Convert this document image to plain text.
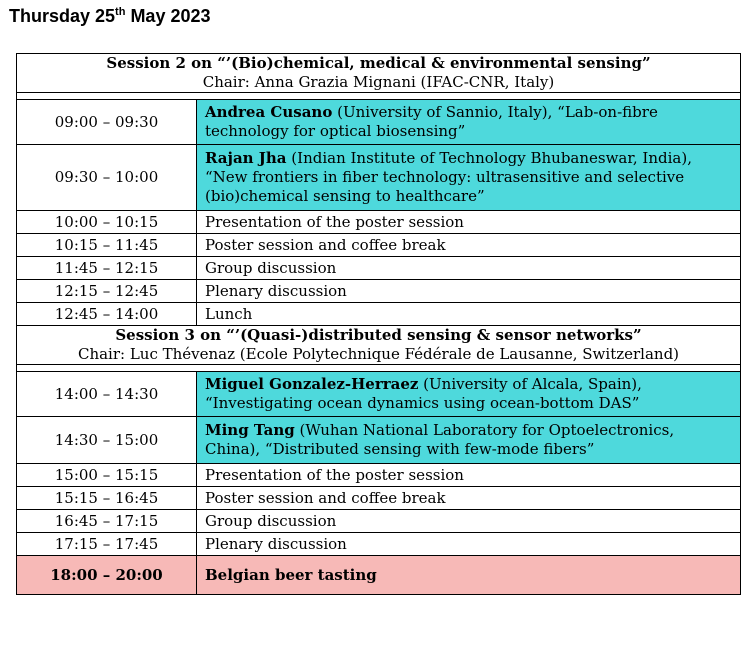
Thursday 25th May 2023
Session 2 on “’(Bio)chemical, medical & environmental sensing”
Chair: Anna Grazia Mignani (IFAC-CNR, Italy)	

09:00 – 09:30	Andrea Cusano (University of Sannio, Italy), “Lab-on-fibre technology for optical biosensing”
09:30 – 10:00	Rajan Jha (Indian Institute of Technology Bhubaneswar, India), “New frontiers in fiber technology: ultrasensitive and selective (bio)chemical sensing to healthcare”
10:00 – 10:15	Presentation of the poster session
10:15 – 11:45	Poster session and coffee break
11:45 – 12:15	Group discussion
12:15 – 12:45	Plenary discussion
12:45 – 14:00	Lunch

Session 3 on “’(Quasi-)distributed sensing & sensor networks”
Chair: Luc Thévenaz (Ecole Polytechnique Fédérale de Lausanne, Switzerland)	

14:00 – 14:30	Miguel Gonzalez-Herraez (University of Alcala, Spain), “Investigating ocean dynamics using ocean-bottom DAS”
14:30 – 15:00	Ming Tang (Wuhan National Laboratory for Optoelectronics, China), “Distributed sensing with few-mode fibers”
15:00 – 15:15	Presentation of the poster session
15:15 – 16:45	Poster session and coffee break
16:45 – 17:15	Group discussion
17:15 – 17:45	Plenary discussion
18:00 – 20:00	Belgian beer tasting
